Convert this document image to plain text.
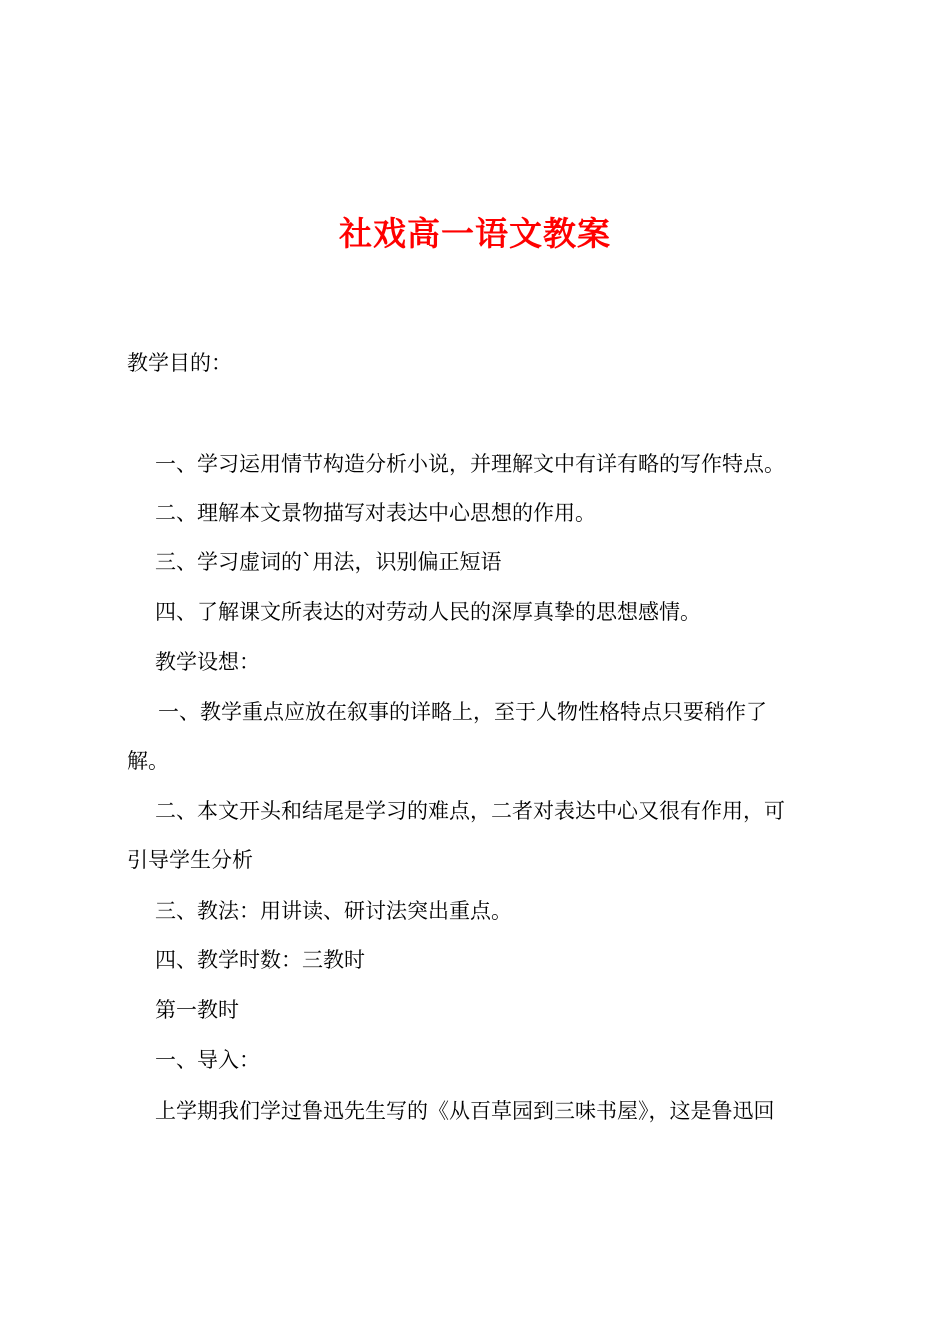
社戏高一语文教案
教学目的：
一、学习运用情节构造分析小说，并理解文中有详有略的写作特点。
二、理解本文景物描写对表达中心思想的作用。
三、学习虚词的`用法，识别偏正短语
四、了解课文所表达的对劳动人民的深厚真挚的思想感情。
教学设想：
一、教学重点应放在叙事的详略上，至于人物性格特点只要稍作了
解。
二、本文开头和结尾是学习的难点，二者对表达中心又很有作用，可
引导学生分析
三、教法：用讲读、研讨法突出重点。
四、教学时数：三教时
第一教时
一、导入：
上学期我们学过鲁迅先生写的《从百草园到三味书屋》，这是鲁迅回
